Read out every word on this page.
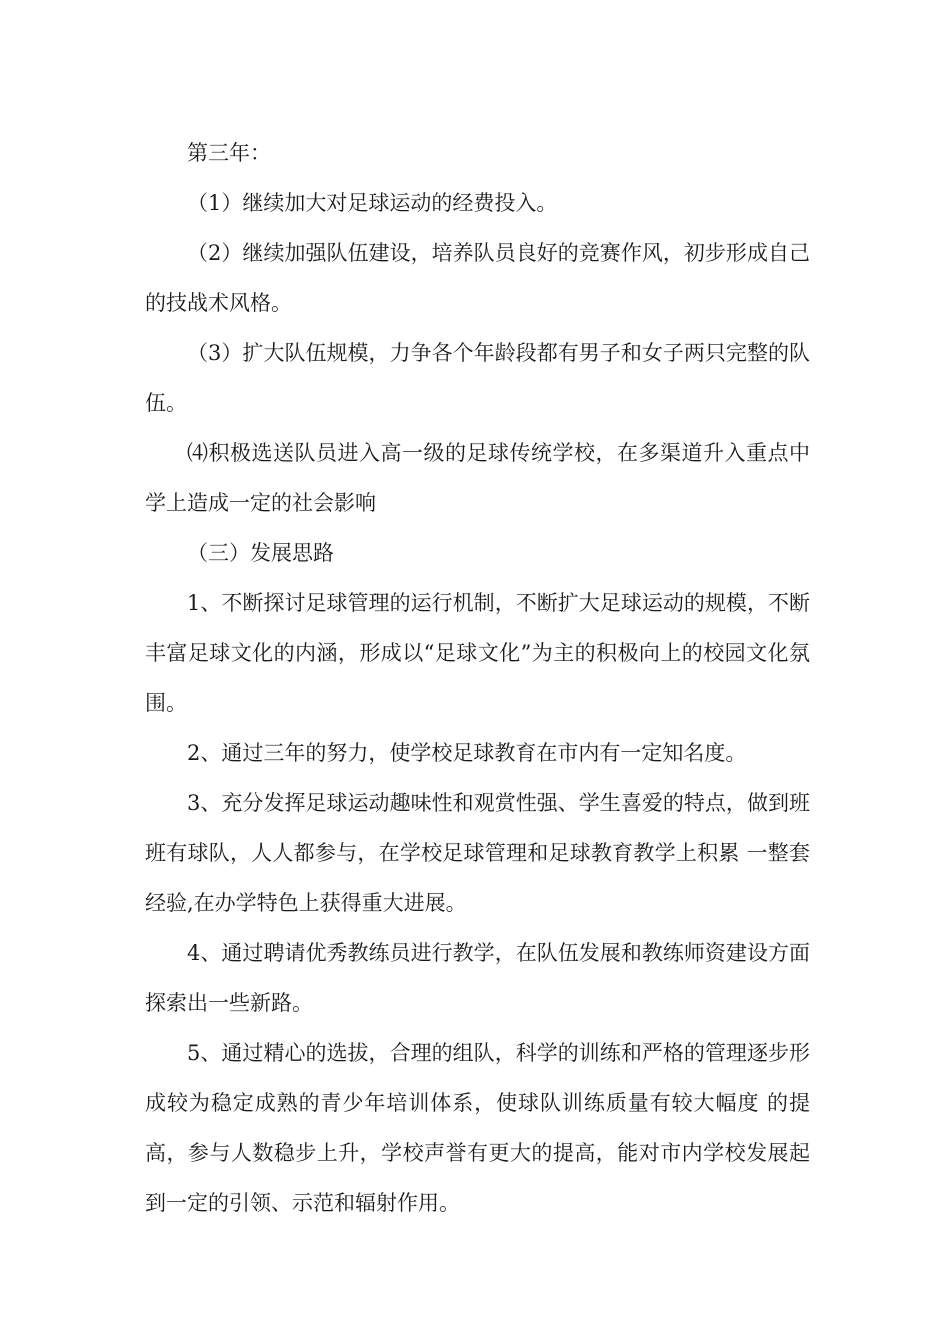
第三年：

（1）继续加大对足球运动的经费投入。

（2）继续加强队伍建设，培养队员良好的竞赛作风，初步形成自己的技战术风格。

（3）扩大队伍规模，力争各个年龄段都有男子和女子两只完整的队伍。

⑷积极选送队员进入高一级的足球传统学校，在多渠道升入重点中学上造成一定的社会影响

（三）发展思路

1、不断探讨足球管理的运行机制，不断扩大足球运动的规模，不断丰富足球文化的内涵，形成以“足球文化”为主的积极向上的校园文化氛围。

2、通过三年的努力，使学校足球教育在市内有一定知名度。

3、充分发挥足球运动趣味性和观赏性强、学生喜爱的特点，做到班班有球队，人人都参与，在学校足球管理和足球教育教学上积累 一整套经验,在办学特色上获得重大进展。

4、通过聘请优秀教练员进行教学，在队伍发展和教练师资建设方面探索出一些新路。

5、通过精心的选拔，合理的组队，科学的训练和严格的管理逐步形成较为稳定成熟的青少年培训体系，使球队训练质量有较大幅度 的提高，参与人数稳步上升，学校声誉有更大的提高，能对市内学校发展起到一定的引领、示范和辐射作用。
